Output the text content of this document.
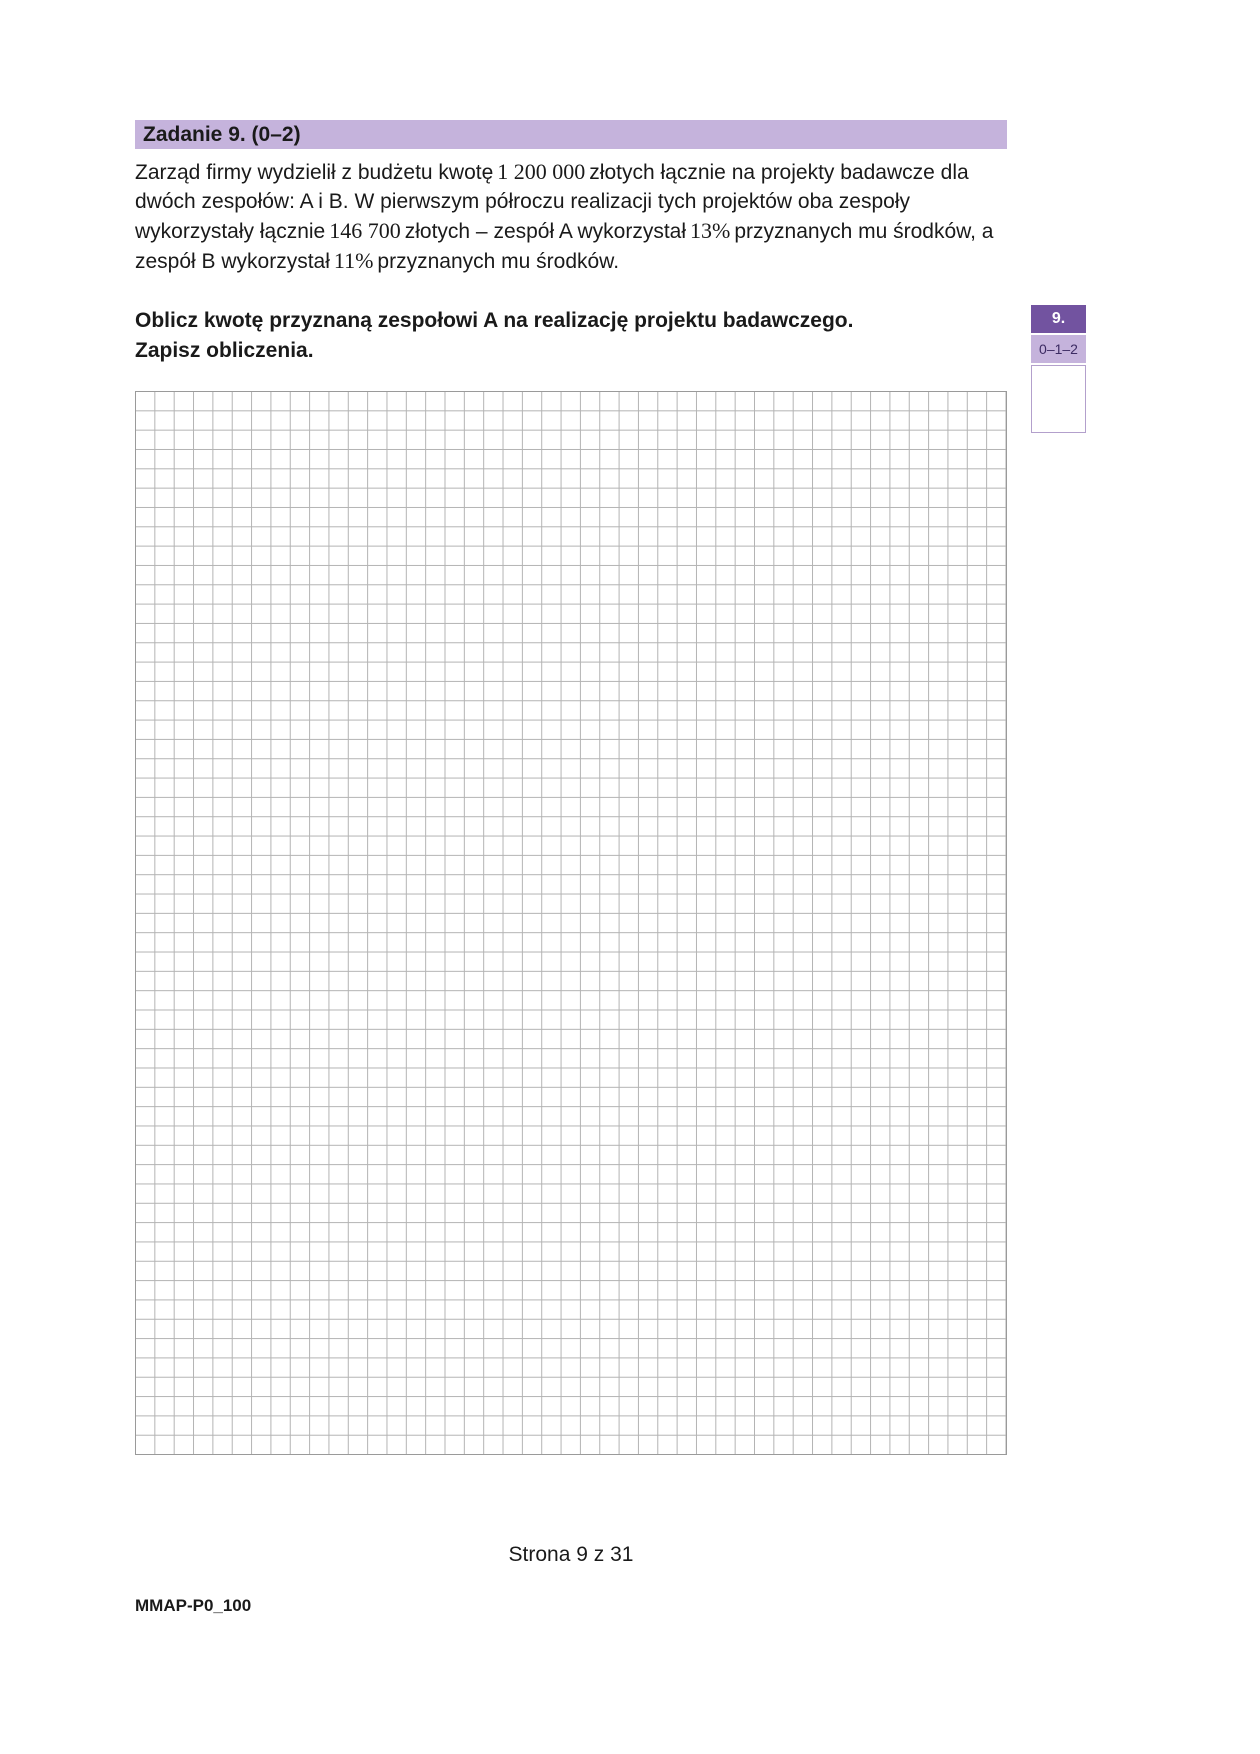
Zadanie 9. (0–2)

Zarząd firmy wydzielił z budżetu kwotę 1 200 000 złotych łącznie na projekty badawcze dla dwóch zespołów: A i B. W pierwszym półroczu realizacji tych projektów oba zespoły wykorzystały łącznie 146 700 złotych – zespół A wykorzystał 13% przyznanych mu środków, a zespół B wykorzystał 11% przyznanych mu środków.

Oblicz kwotę przyznaną zespołowi A na realizację projektu badawczego.
Zapisz obliczenia.
9.
0–1–2
Strona 9 z 31
MMAP-P0_100
